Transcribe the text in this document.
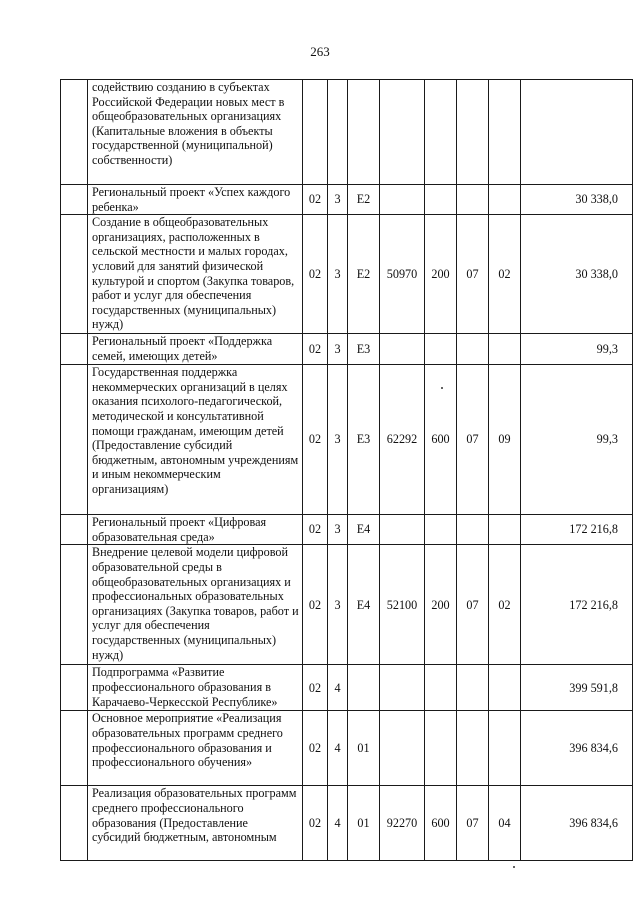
263
	содействию созданию в субъектах Российской Федерации новых мест в общеобразовательных организациях (Капитальные вложения в объекты государственной (муниципальной) собственности)								
	Региональный проект «Успех каждого ребенка»	02	3	Е2					30 338,0
	Создание в общеобразовательных организациях, расположенных в сельской местности и малых городах, условий для занятий физической культурой и спортом (Закупка товаров, работ и услуг для обеспечения государственных (муниципальных) нужд)	02	3	Е2	50970	200	07	02	30 338,0
	Региональный проект «Поддержка семей, имеющих детей»	02	3	Е3					99,3
	Государственная поддержка некоммерческих организаций в целях оказания психолого-педагогической, методической и консультативной помощи гражданам, имеющим детей (Предоставление субсидий бюджетным, автономным учреждениям и иным некоммерческим организациям)	02	3	Е3	62292	600	07	09	99,3
	Региональный проект «Цифровая образовательная среда»	02	3	Е4					172 216,8
	Внедрение целевой модели цифровой образовательной среды в общеобразовательных организациях и профессиональных образовательных организациях (Закупка товаров, работ и услуг для обеспечения государственных (муниципальных) нужд)	02	3	Е4	52100	200	07	02	172 216,8
	Подпрограмма «Развитие профессионального образования в Карачаево-Черкесской Республике»	02	4						399 591,8
	Основное мероприятие «Реализация образовательных программ среднего профессионального образования и профессионального обучения»	02	4	01					396 834,6
	Реализация образовательных программ среднего профессионального образования (Предоставление субсидий бюджетным, автономным	02	4	01	92270	600	07	04	396 834,6
